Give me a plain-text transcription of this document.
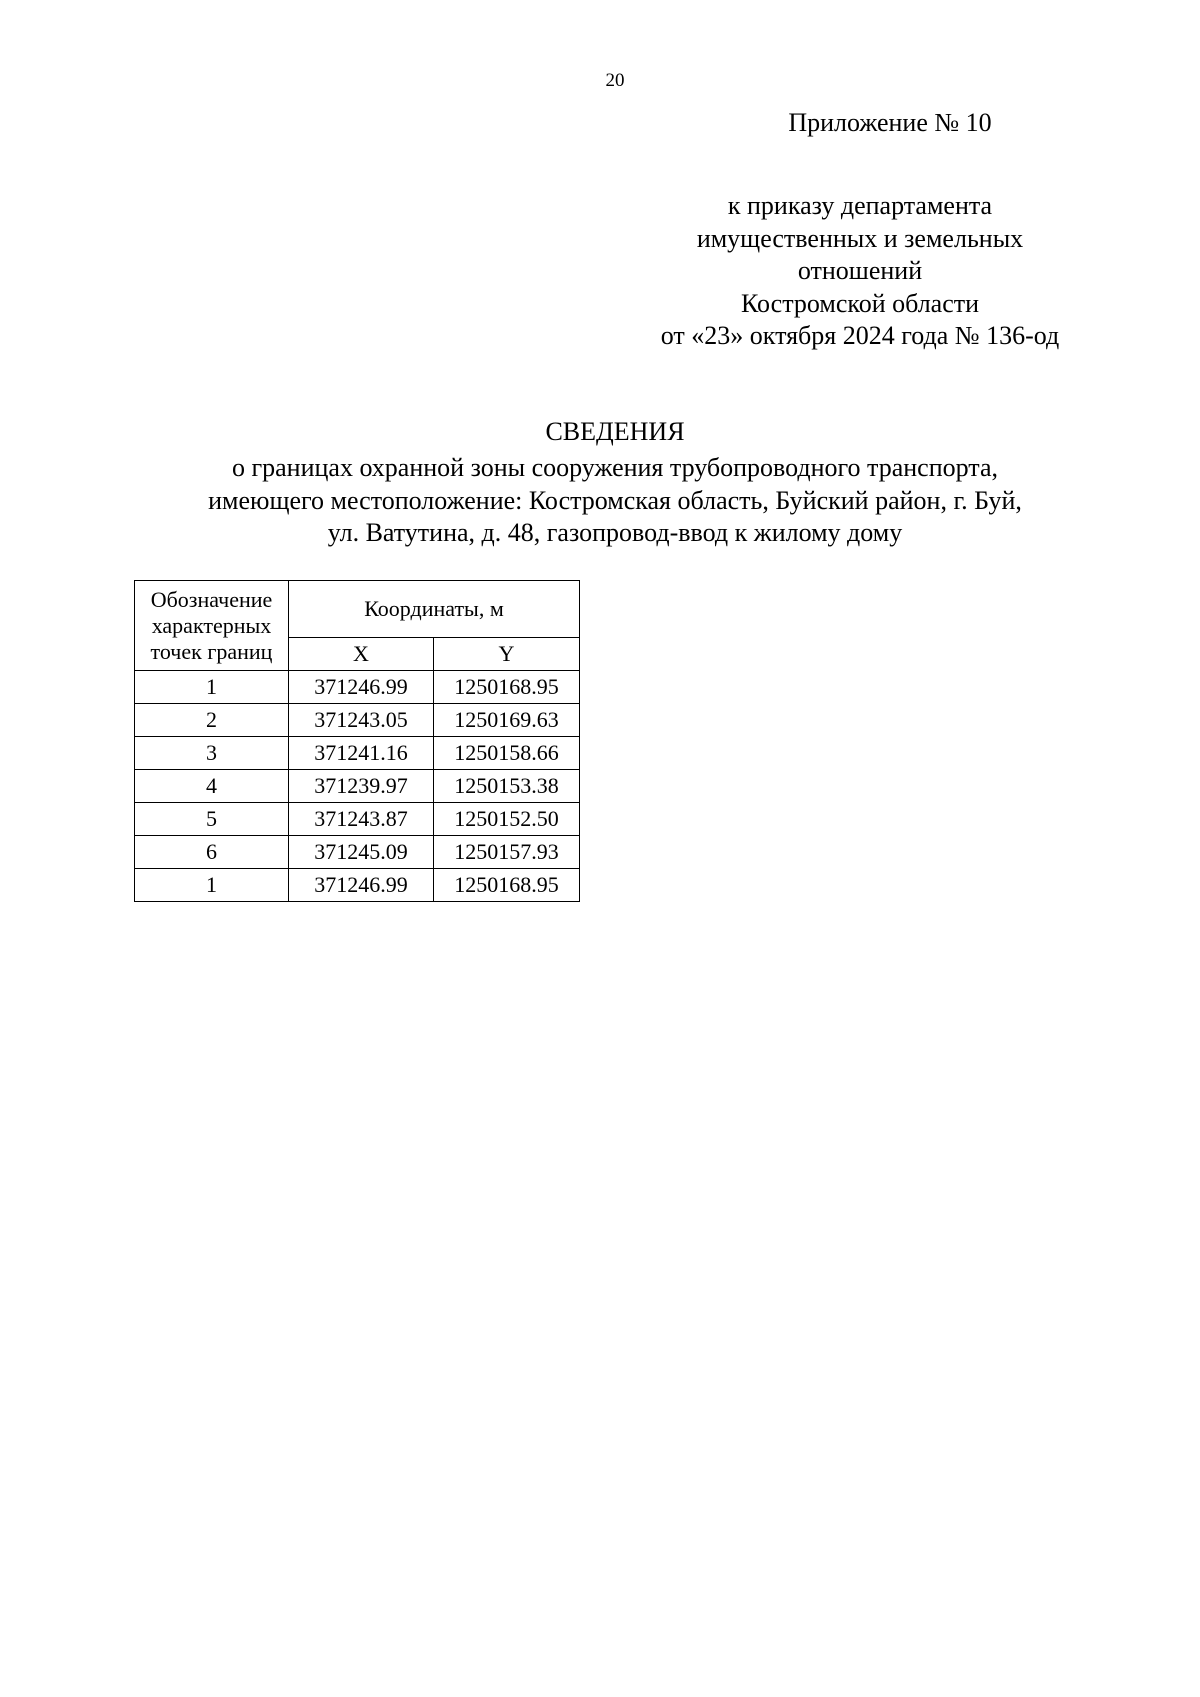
20
Приложение № 10
к приказу департамента
имущественных и земельных
отношений
Костромской области
от «23» октября 2024 года № 136-од
СВЕДЕНИЯ
о границах охранной зоны сооружения трубопроводного транспорта,
имеющего местоположение: Костромская область, Буйский район, г. Буй,
ул. Ватутина, д. 48, газопровод-ввод к жилому дому
Обозначение
характерных
точек границ	Координаты, м	
	X	Y
1	371246.99	1250168.95
2	371243.05	1250169.63
3	371241.16	1250158.66
4	371239.97	1250153.38
5	371243.87	1250152.50
6	371245.09	1250157.93
1	371246.99	1250168.95
